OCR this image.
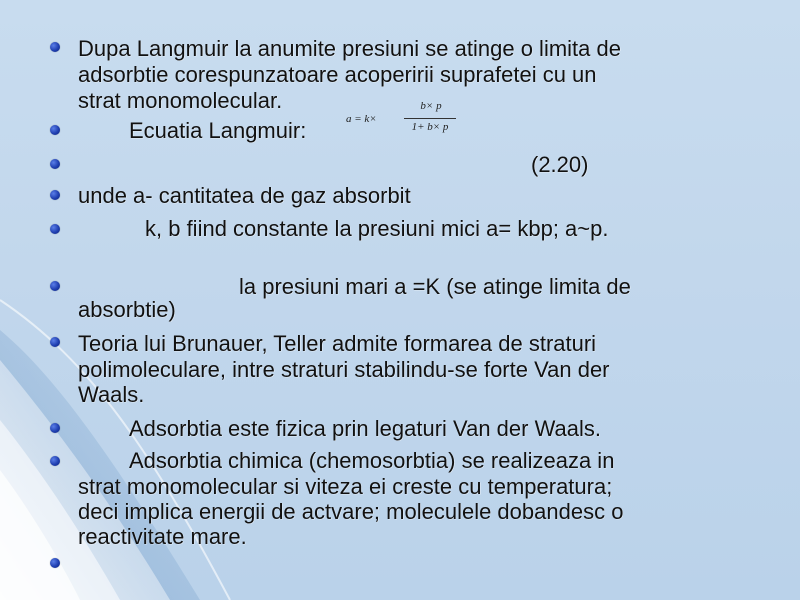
Dupa Langmuir la anumite presiuni se atinge o limita de
adsorbtie corespunzatoare acoperirii suprafetei cu un
strat monomolecular.
Ecuatia Langmuir:	a = k×
b× p
1+ b× p
(2.20)
unde a- cantitatea de gaz absorbit
k, b fiind constante la presiuni mici a= kbp; a~p.
la presiuni mari a =K (se atinge limita de
absorbtie)
Teoria lui Brunauer, Teller admite formarea de straturi
polimoleculare, intre straturi stabilindu-se forte Van der
Waals.
Adsorbtia este fizica prin legaturi Van der Waals.
Adsorbtia chimica (chemosorbtia) se realizeaza in
strat monomolecular si viteza ei creste cu temperatura;
deci implica energii de actvare; moleculele dobandesc o
reactivitate mare.
